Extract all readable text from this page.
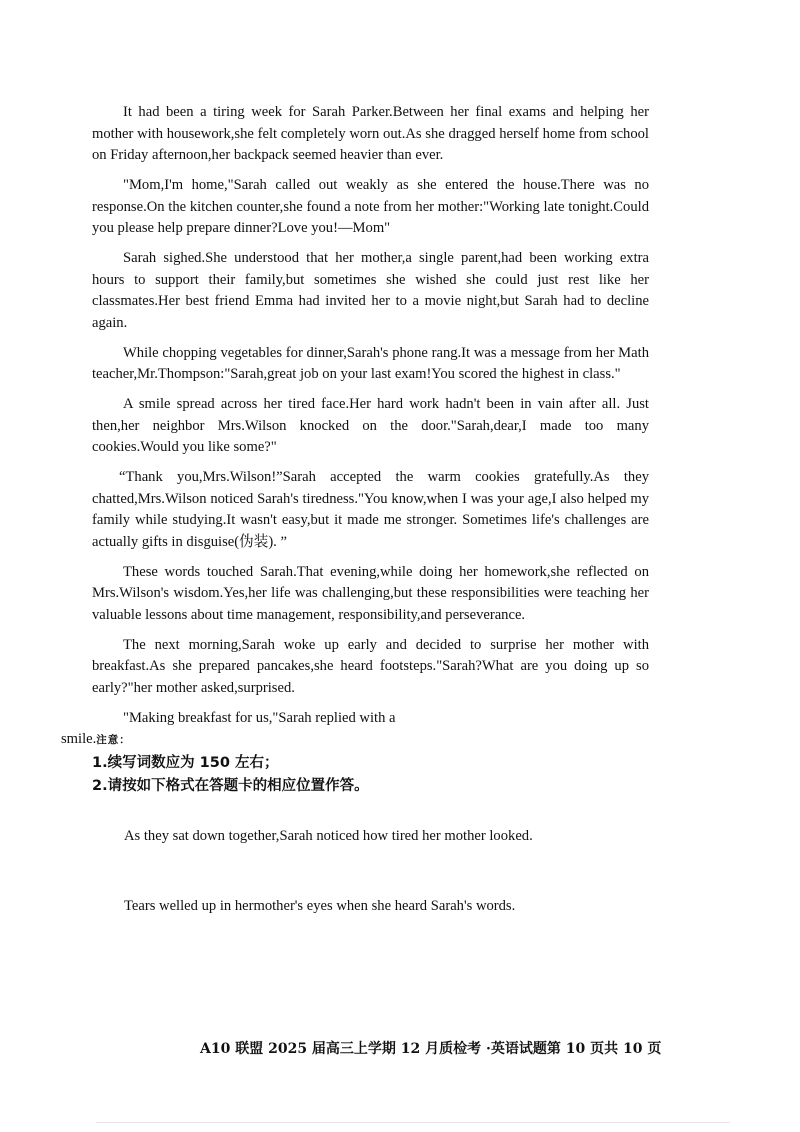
It had been a tiring week for Sarah Parker.Between her final exams and helping her mother with housework,she felt completely worn out.As she dragged herself home from school on Friday afternoon,her backpack seemed heavier than ever.

"Mom,I'm home,"Sarah called out weakly as she entered the house.There was no response.On the kitchen counter,she found a note from her mother:"Working late tonight.Could you please help prepare dinner?Love you!—Mom"

Sarah sighed.She understood that her mother,a single parent,had been working extra hours to support their family,but sometimes she wished she could just rest like her classmates.Her best friend Emma had invited her to a movie night,but Sarah had to decline again.

While chopping vegetables for dinner,Sarah's phone rang.It was a message from her Math teacher,Mr.Thompson:"Sarah,great job on your last exam!You scored the highest in class."

A smile spread across her tired face.Her hard work hadn't been in vain after all. Just then,her neighbor Mrs.Wilson knocked on the door."Sarah,dear,I made too many cookies.Would you like some?"

“Thank you,Mrs.Wilson!”Sarah accepted the warm cookies gratefully.As they chatted,Mrs.Wilson noticed Sarah's tiredness."You know,when I was your age,I also helped my family while studying.It wasn't easy,but it made me stronger. Sometimes life's challenges are actually gifts in disguise(伪装). ”

These words touched Sarah.That evening,while doing her homework,she reflected on Mrs.Wilson's wisdom.Yes,her life was challenging,but these responsibilities were teaching her valuable lessons about time management, responsibility,and perseverance.

The next morning,Sarah woke up early and decided to surprise her mother with breakfast.As she prepared pancakes,she heard footsteps."Sarah?What are you doing up so early?"her mother asked,surprised.

"Making breakfast for us,"Sarah replied with a

smile.注意：

1.续写词数应为 150 左右；

2.请按如下格式在答题卡的相应位置作答。

As they sat down together,Sarah noticed how tired her mother looked.
Tears welled up in hermother's eyes when she heard Sarah's words.
A10 联盟 2025 届高三上学期 12 月质检考 ·英语试题第 10 页共 10 页
